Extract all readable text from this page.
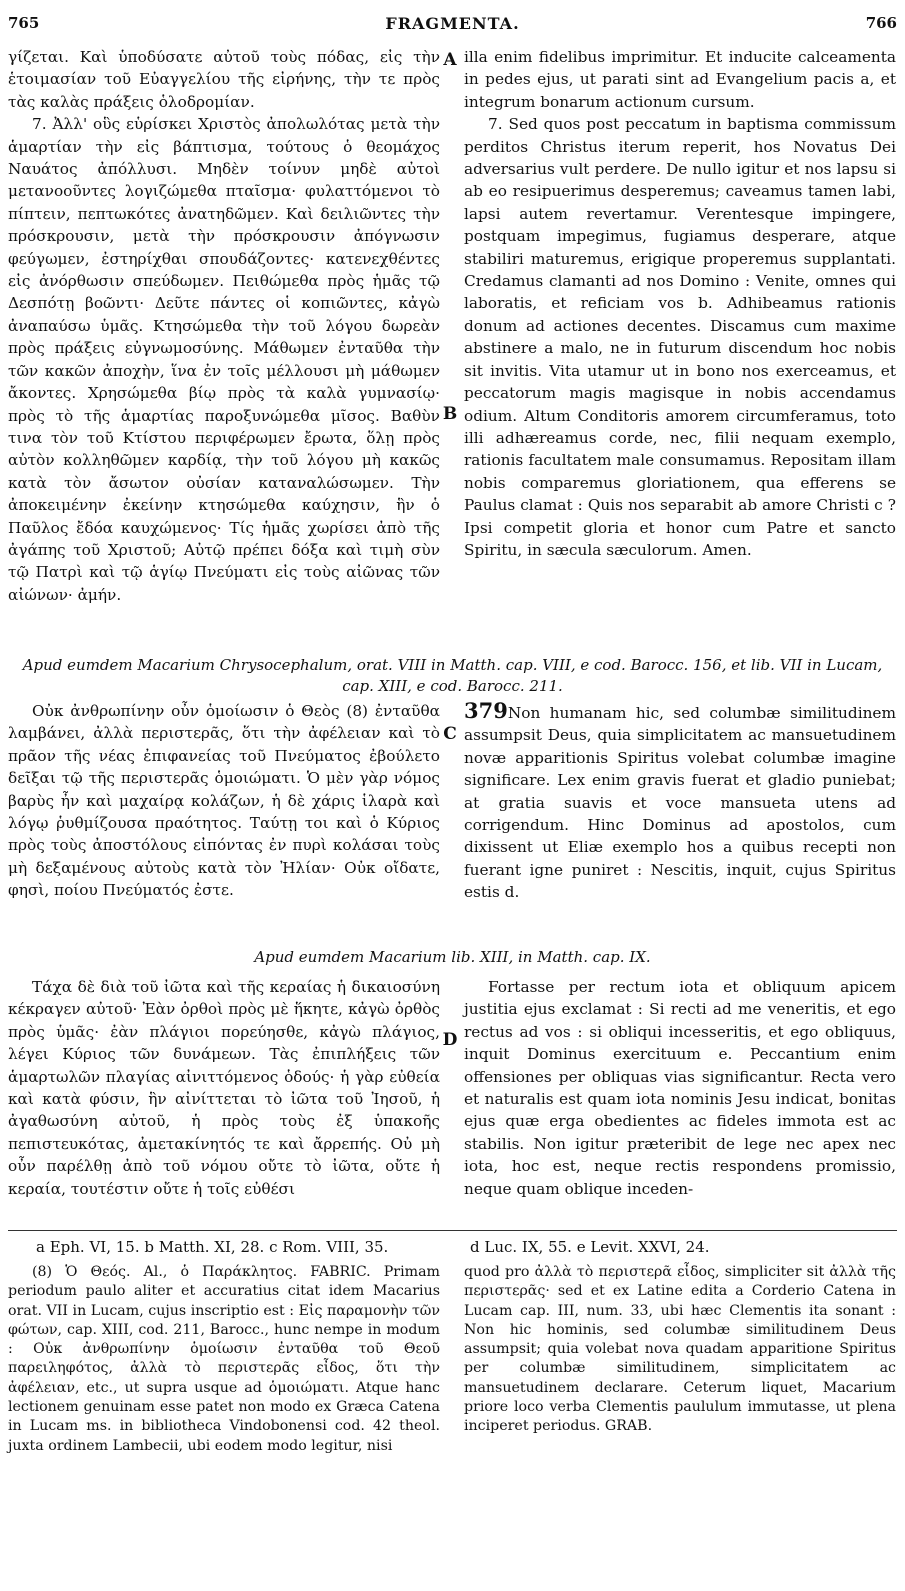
765	FRAGMENTA.	766

γίζεται. Καὶ ὑποδύσατε αὐτοῦ τοὺς πόδας, εἰς τὴν ἑτοιμασίαν τοῦ Εὐαγγελίου τῆς εἰρήνης, τὴν τε πρὸς τὰς καλὰς πράξεις ὁλοδρομίαν.

7. Ἀλλ' οὓς εὑρίσκει Χριστὸς ἀπολωλότας μετὰ τὴν ἁμαρτίαν τὴν εἰς βάπτισμα, τούτους ὁ θεομάχος Ναυάτος ἀπόλλυσι. Μηδὲν τοίνυν μηδὲ αὐτοὶ μετανοοῦντες λογιζώμεθα πταῖσμα· φυλαττόμενοι τὸ πίπτειν, πεπτωκότες ἀνατηδῶμεν. Καὶ δειλιῶντες τὴν πρόσκρουσιν, μετὰ τὴν πρόσκρουσιν ἀπόγνωσιν φεύγωμεν, ἐστηρίχθαι σπουδάζοντες· κατενεχθέντες εἰς ἀνόρθωσιν σπεύδωμεν. Πειθώμεθα πρὸς ἡμᾶς τῷ Δεσπότῃ βοῶντι· Δεῦτε πάντες οἱ κοπιῶντες, κἀγὼ ἀναπαύσω ὑμᾶς. Κτησώμεθα τὴν τοῦ λόγου δωρεὰν πρὸς πράξεις εὐγνωμοσύνης. Μάθωμεν ἐνταῦθα τὴν τῶν κακῶν ἀποχὴν, ἵνα ἐν τοῖς μέλλουσι μὴ μάθωμεν ἄκοντες. Χρησώμεθα βίῳ πρὸς τὰ καλὰ γυμνασίῳ· πρὸς τὸ τῆς ἁμαρτίας παροξυνώμεθα μῖσος. Βαθὺν τινα τὸν τοῦ Κτίστου περιφέρωμεν ἔρωτα, ὅλῃ πρὸς αὐτὸν κολληθῶμεν καρδίᾳ, τὴν τοῦ λόγου μὴ κακῶς κατὰ τὸν ἄσωτον οὐσίαν καταναλώσωμεν. Τὴν ἀποκειμένην ἐκείνην κτησώμεθα καύχησιν, ἣν ὁ Παῦλος ἔδόα καυχώμενος· Τίς ἡμᾶς χωρίσει ἀπὸ τῆς ἀγάπης τοῦ Χριστοῦ; Αὐτῷ πρέπει δόξα καὶ τιμὴ σὺν τῷ Πατρὶ καὶ τῷ ἁγίῳ Πνεύματι εἰς τοὺς αἰῶνας τῶν αἰώνων· ἀμήν.

illa enim fidelibus imprimitur. Et inducite calceamenta in pedes ejus, ut parati sint ad Evangelium pacis a, et integrum bonarum actionum cursum.

7. Sed quos post peccatum in baptisma commissum perditos Christus iterum reperit, hos Novatus Dei adversarius vult perdere. De nullo igitur et nos lapsu si ab eo resipuerimus desperemus; caveamus tamen labi, lapsi autem revertamur. Verentesque impingere, postquam impegimus, fugiamus desperare, atque stabiliri maturemus, erigique properemus supplantati. Credamus clamanti ad nos Domino : Venite, omnes qui laboratis, et reficiam vos b. Adhibeamus rationis donum ad actiones decentes. Discamus cum maxime abstinere a malo, ne in futurum discendum hoc nobis sit invitis. Vita utamur ut in bono nos exerceamus, et peccatorum magis magisque in nobis accendamus odium. Altum Conditoris amorem circumferamus, toto illi adhæreamus corde, nec, filii nequam exemplo, rationis facultatem male consumamus. Repositam illam nobis comparemus gloriationem, qua efferens se Paulus clamat : Quis nos separabit ab amore Christi c ? Ipsi competit gloria et honor cum Patre et sancto Spiritu, in sæcula sæculorum. Amen.

A
B
Apud eumdem Macarium Chrysocephalum, orat. VIII in Matth. cap. VIII, e cod. Barocc. 156, et lib. VII in Lucam, cap. XIII, e cod. Barocc. 211.

Οὐκ ἀνθρωπίνην οὖν ὁμοίωσιν ὁ Θεὸς (8) ἐνταῦθα λαμβάνει, ἀλλὰ περιστερᾶς, ὅτι τὴν ἀφέλειαν καὶ τὸ πρᾶον τῆς νέας ἐπιφανείας τοῦ Πνεύματος ἐβούλετο δεῖξαι τῷ τῆς περιστερᾶς ὁμοιώματι. Ὁ μὲν γὰρ νόμος βαρὺς ἦν καὶ μαχαίρᾳ κολάζων, ἡ δὲ χάρις ἱλαρὰ καὶ λόγῳ ῥυθμίζουσα πραότητος. Ταύτῃ τοι καὶ ὁ Κύριος πρὸς τοὺς ἀποστόλους εἰπόντας ἐν πυρὶ κολάσαι τοὺς μὴ δεξαμένους αὐτοὺς κατὰ τὸν Ἠλίαν· Οὐκ οἴδατε, φησὶ, ποίου Πνεύματός ἐστε.

379Non humanam hic, sed columbæ similitudinem assumpsit Deus, quia simplicitatem ac mansuetudinem novæ apparitionis Spiritus volebat columbæ imagine significare. Lex enim gravis fuerat et gladio puniebat; at gratia suavis et voce mansueta utens ad corrigendum. Hinc Dominus ad apostolos, cum dixissent ut Eliæ exemplo hos a quibus recepti non fuerant igne puniret : Nescitis, inquit, cujus Spiritus estis d.

C
Apud eumdem Macarium lib. XIII, in Matth. cap. IX.

Τάχα δὲ διὰ τοῦ ἰῶτα καὶ τῆς κεραίας ἡ δικαιοσύνη κέκραγεν αὐτοῦ· Ἐὰν ὀρθοὶ πρὸς μὲ ἥκητε, κἀγὼ ὀρθὸς πρὸς ὑμᾶς· ἐὰν πλάγιοι πορεύησθε, κἀγὼ πλάγιος, λέγει Κύριος τῶν δυνάμεων. Τὰς ἐπιπλήξεις τῶν ἁμαρτωλῶν πλαγίας αἰνιττόμενος ὁδούς· ἡ γὰρ εὐθεία καὶ κατὰ φύσιν, ἣν αἰνίττεται τὸ ἰῶτα τοῦ Ἰησοῦ, ἡ ἀγαθωσύνη αὐτοῦ, ἡ πρὸς τοὺς ἐξ ὑπακοῆς πεπιστευκότας, ἀμετακίνητός τε καὶ ἄρρεπής. Οὐ μὴ οὖν παρέλθῃ ἀπὸ τοῦ νόμου οὔτε τὸ ἰῶτα, οὔτε ἡ κεραία, τουτέστιν οὔτε ἡ τοῖς εὐθέσι

Fortasse per rectum iota et obliquum apicem justitia ejus exclamat : Si recti ad me veneritis, et ego rectus ad vos : si obliqui incesseritis, et ego obliquus, inquit Dominus exercituum e. Peccantium enim offensiones per obliquas vias significantur. Recta vero et naturalis est quam iota nominis Jesu indicat, bonitas ejus quæ erga obedientes ac fideles immota est ac stabilis. Non igitur præteribit de lege nec apex nec iota, hoc est, neque rectis respondens promissio, neque quam oblique inceden-

D
a Eph. VI, 15. b Matth. XI, 28. c Rom. VIII, 35.	d Luc. IX, 55. e Levit. XXVI, 24.

(8) Ὁ Θεός. Al., ὁ Παράκλητος. FABRIC. Primam periodum paulo aliter et accuratius citat idem Macarius orat. VII in Lucam, cujus inscriptio est : Εἰς παραμονὴν τῶν φώτων, cap. XIII, cod. 211, Barocc., hunc nempe in modum : Οὐκ ἀνθρωπίνην ὁμοίωσιν ἐνταῦθα τοῦ Θεοῦ παρειληφότος, ἀλλὰ τὸ περιστερᾶς εἶδος, ὅτι τὴν ἀφέλειαν, etc., ut supra usque ad ὁμοιώματι. Atque hanc lectionem genuinam esse patet non modo ex Græca Catena in Lucam ms. in bibliotheca Vindobonensi cod. 42 theol. juxta ordinem Lambecii, ubi eodem modo legitur, nisi

quod pro ἀλλὰ τὸ περιστερᾶ εἶδος, simpliciter sit ἀλλὰ τῆς περιστερᾶς· sed et ex Latine edita a Corderio Catena in Lucam cap. III, num. 33, ubi hæc Clementis ita sonant : Non hic hominis, sed columbæ similitudinem Deus assumpsit; quia volebat nova quadam apparitione Spiritus per columbæ similitudinem, simplicitatem ac mansuetudinem declarare. Ceterum liquet, Macarium priore loco verba Clementis paululum immutasse, ut plena inciperet periodus. GRAB.
